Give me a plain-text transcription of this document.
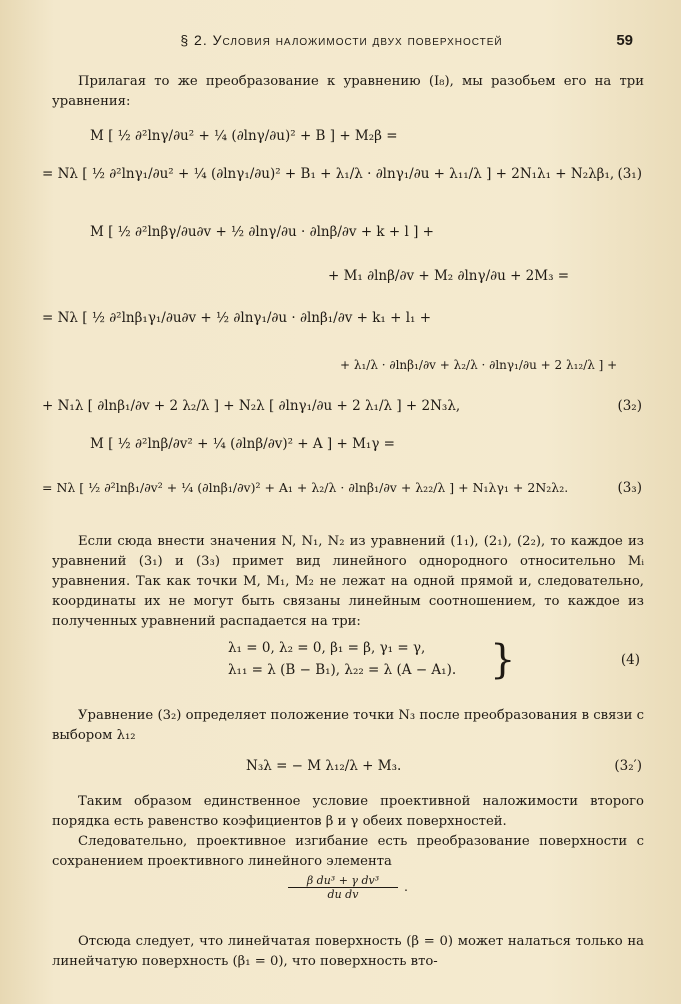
§ 2. Условия наложимости двух поверхностей	59
Прилагая то же преобразование к уравнению (I₈), мы разобьем его на три уравнения:
M [ ½ ∂²lnγ/∂u² + ¼ (∂lnγ/∂u)² + B ] + M₂β =
= Nλ [ ½ ∂²lnγ₁/∂u² + ¼ (∂lnγ₁/∂u)² + B₁ + λ₁/λ · ∂lnγ₁/∂u + λ₁₁/λ ] + 2N₁λ₁ + N₂λβ₁, (3₁)
M [ ½ ∂²lnβγ/∂u∂v + ½ ∂lnγ/∂u · ∂lnβ/∂v + k + l ] +
+ M₁ ∂lnβ/∂v + M₂ ∂lnγ/∂u + 2M₃ =
= Nλ [ ½ ∂²lnβ₁γ₁/∂u∂v + ½ ∂lnγ₁/∂u · ∂lnβ₁/∂v + k₁ + l₁ +
+ λ₁/λ · ∂lnβ₁/∂v + λ₂/λ · ∂lnγ₁/∂u + 2 λ₁₂/λ ] +
+ N₁λ [ ∂lnβ₁/∂v + 2 λ₂/λ ] + N₂λ [ ∂lnγ₁/∂u + 2 λ₁/λ ] + 2N₃λ,	(3₂)
M [ ½ ∂²lnβ/∂v² + ¼ (∂lnβ/∂v)² + A ] + M₁γ =
= Nλ [ ½ ∂²lnβ₁/∂v² + ¼ (∂lnβ₁/∂v)² + A₁ + λ₂/λ · ∂lnβ₁/∂v + λ₂₂/λ ] + N₁λγ₁ + 2N₂λ₂.	(3₃)
Если сюда внести значения N, N₁, N₂ из уравнений (1₁), (2₁), (2₂), то каждое из уравнений (3₁) и (3₃) примет вид линейного однородного относительно Mᵢ уравнения. Так как точки M, M₁, M₂ не лежат на одной прямой и, следовательно, координаты их не могут быть связаны линейным соотношением, то каждое из полученных уравнений распадается на три:
λ₁ = 0, λ₂ = 0, β₁ = β, γ₁ = γ,
λ₁₁ = λ (B − B₁), λ₂₂ = λ (A − A₁). }	(4)
Уравнение (3₂) определяет положение точки N₃ после преобразования в связи с выбором λ₁₂
N₃λ = − M λ₁₂/λ + M₃.	(3₂′)
Таким образом единственное условие проективной наложимости второго порядка есть равенство коэфициентов β и γ обеих поверхностей.
Следовательно, проективное изгибание есть преобразование поверхности с сохранением проективного линейного элемента
$\frac{\text{β du³ + γ dv³}}{\text{du dv}}$ .
Отсюда следует, что линейчатая поверхность (β = 0) может налаться только на линейчатую поверхность (β₁ = 0), что поверхность вто-
